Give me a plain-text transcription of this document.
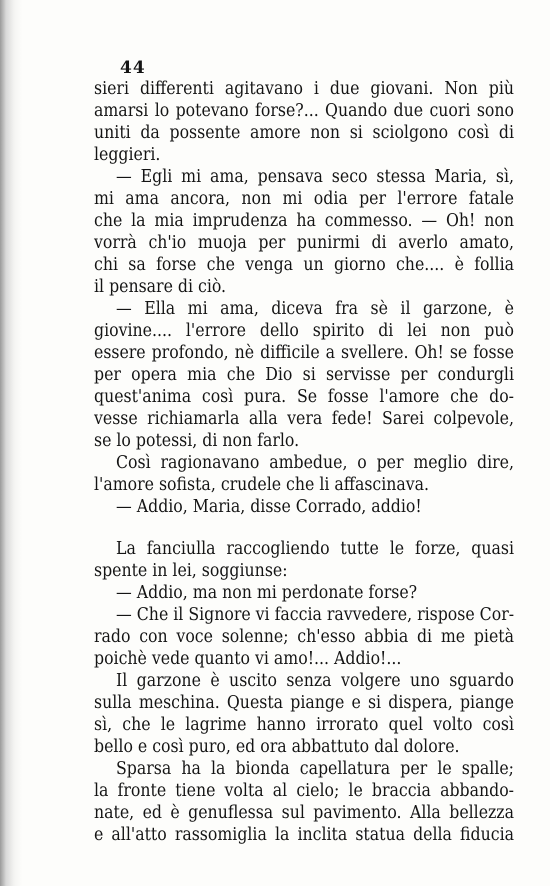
44
sieri differenti agitavano i due giovani. Non più
amarsi lo potevano forse?... Quando due cuori sono
uniti da possente amore non si sciolgono così di
leggieri.
— Egli mi ama, pensava seco stessa Maria, sì,
mi ama ancora, non mi odia per l'errore fatale
che la mia imprudenza ha commesso. — Oh! non
vorrà ch'io muoja per punirmi di averlo amato,
chi sa forse che venga un giorno che.... è follia
il pensare di ciò.
— Ella mi ama, diceva fra sè il garzone, è
giovine.... l'errore dello spirito di lei non può
essere profondo, nè difficile a svellere. Oh! se fosse
per opera mia che Dio si servisse per condurgli
quest'anima così pura. Se fosse l'amore che do-
vesse richiamarla alla vera fede! Sarei colpevole,
se lo potessi, di non farlo.
Così ragionavano ambedue, o per meglio dire,
l'amore sofista, crudele che li affascinava.
— Addio, Maria, disse Corrado, addio!
La fanciulla raccogliendo tutte le forze, quasi
spente in lei, soggiunse:
— Addio, ma non mi perdonate forse?
— Che il Signore vi faccia ravvedere, rispose Cor-
rado con voce solenne; ch'esso abbia di me pietà
poichè vede quanto vi amo!... Addio!...
Il garzone è uscito senza volgere uno sguardo
sulla meschina. Questa piange e si dispera, piange
sì, che le lagrime hanno irrorato quel volto così
bello e così puro, ed ora abbattuto dal dolore.
Sparsa ha la bionda capellatura per le spalle;
la fronte tiene volta al cielo; le braccia abbando-
nate, ed è genuflessa sul pavimento. Alla bellezza
e all'atto rassomiglia la inclita statua della fiducia
